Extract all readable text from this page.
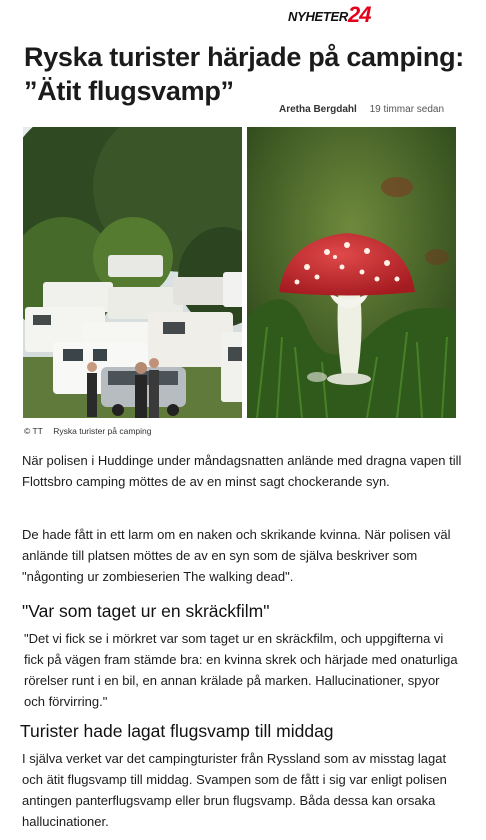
NYHETER 24
Ryska turister härjade på camping: ”Ätit flugsvamp”
Aretha Bergdahl 19 timmar sedan
© TT Ryska turister på camping

När polisen i Huddinge under måndagsnatten anlände med dragna vapen till Flottsbro camping möttes de av en minst sagt chockerande syn.

De hade fått in ett larm om en naken och skrikande kvinna. När polisen väl anlände till platsen möttes de av en syn som de själva beskriver som "någonting ur zombieserien The walking dead".

"Var som taget ur en skräckfilm"

"Det vi fick se i mörkret var som taget ur en skräckfilm, och uppgifterna vi fick på vägen fram stämde bra: en kvinna skrek och härjade med onaturliga rörelser runt i en bil, en annan krälade på marken. Hallucinationer, spyor och förvirring."

Turister hade lagat flugsvamp till middag

I själva verket var det campingturister från Ryssland som av misstag lagat och ätit flugsvamp till middag. Svampen som de fått i sig var enligt polisen antingen panterflugsvamp eller brun flugsvamp. Båda dessa kan orsaka hallucinationer.
